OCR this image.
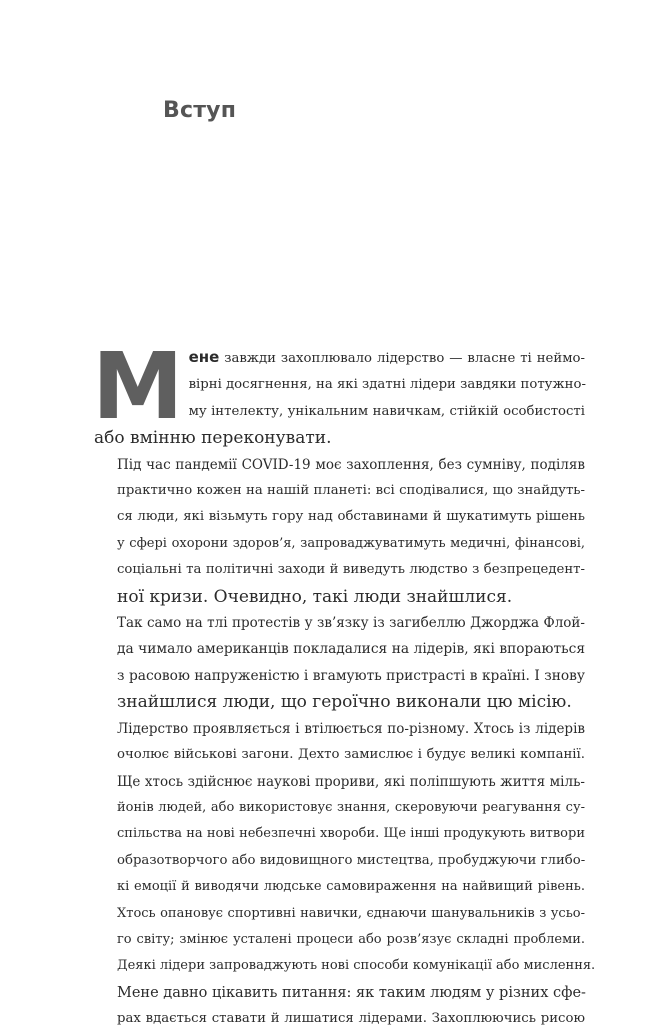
Вступ

М ене завжди захоплювало лідерство — власне ті неймо-
вірні досягнення, на які здатні лідери завдяки потужно-
му інтелекту, унікальним навичкам, стійкій особистості
або вмінню переконувати.

Під час пандемії COVID-19 моє захоплення, без сумніву, поділяв
практично кожен на нашій планеті: всі сподівалися, що знайдуть-
ся люди, які візьмуть гору над обставинами й шукатимуть рішень
у сфері охорони здоров’я, запроваджуватимуть медичні, фінансові,
соціальні та політичні заходи й виведуть людство з безпрецедент-
ної кризи. Очевидно, такі люди знайшлися.

Так само на тлі протестів у зв’язку із загибеллю Джорджа Флой-
да чимало американців покладалися на лідерів, які впораються
з расовою напруженістю і вгамують пристрасті в країні. І знову
знайшлися люди, що героїчно виконали цю місію.

Лідерство проявляється і втілюється по-різному. Хтось із лідерів
очолює військові загони. Дехто замислює і будує великі компанії.
Ще хтось здійснює наукові прориви, які поліпшують життя міль-
йонів людей, або використовує знання, скеровуючи реагування су-
спільства на нові небезпечні хвороби. Ще інші продукують витвори
образотворчого або видовищного мистецтва, пробуджуючи глибо-
кі емоції й виводячи людське самовираження на найвищий рівень.
Хтось опановує спортивні навички, єднаючи шанувальників з усьо-
го світу; змінює усталені процеси або розв’язує складні проблеми.
Деякі лідери запроваджують нові способи комунікації або мислення.

Мене давно цікавить питання: як таким людям у різних сфе-
рах вдається ставати й лишатися лідерами. Захоплюючись рисою
